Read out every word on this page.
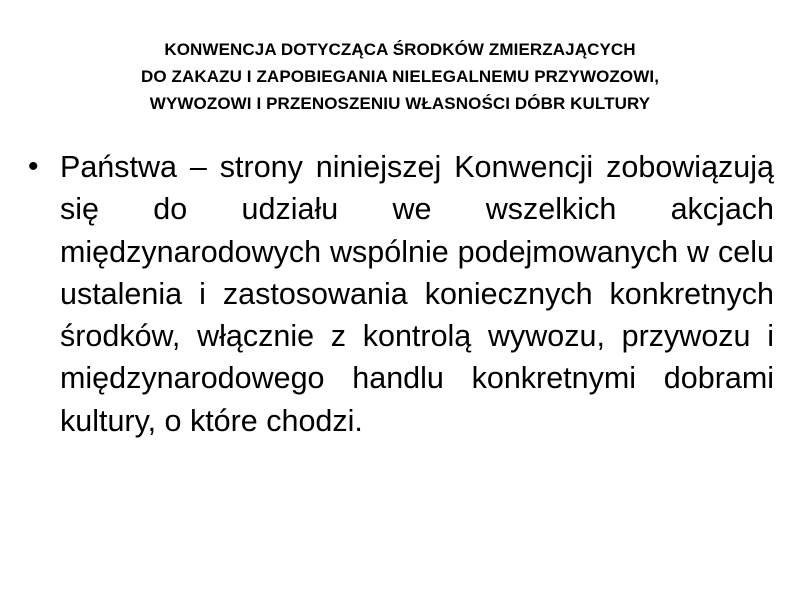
KONWENCJA DOTYCZĄCA ŚRODKÓW ZMIERZAJĄCYCH
DO ZAKAZU I ZAPOBIEGANIA NIELEGALNEMU PRZYWOZOWI,
WYWOZOWI I PRZENOSZENIU WŁASNOŚCI DÓBR KULTURY
• Państwa – strony niniejszej Konwencji zobowiązują się do udziału we wszelkich akcjach międzynarodowych wspólnie podejmowanych w celu ustalenia i zastosowania koniecznych konkretnych środków, włącznie z kontrolą wywozu, przywozu i międzynarodowego handlu konkretnymi dobrami kultury, o które chodzi.
